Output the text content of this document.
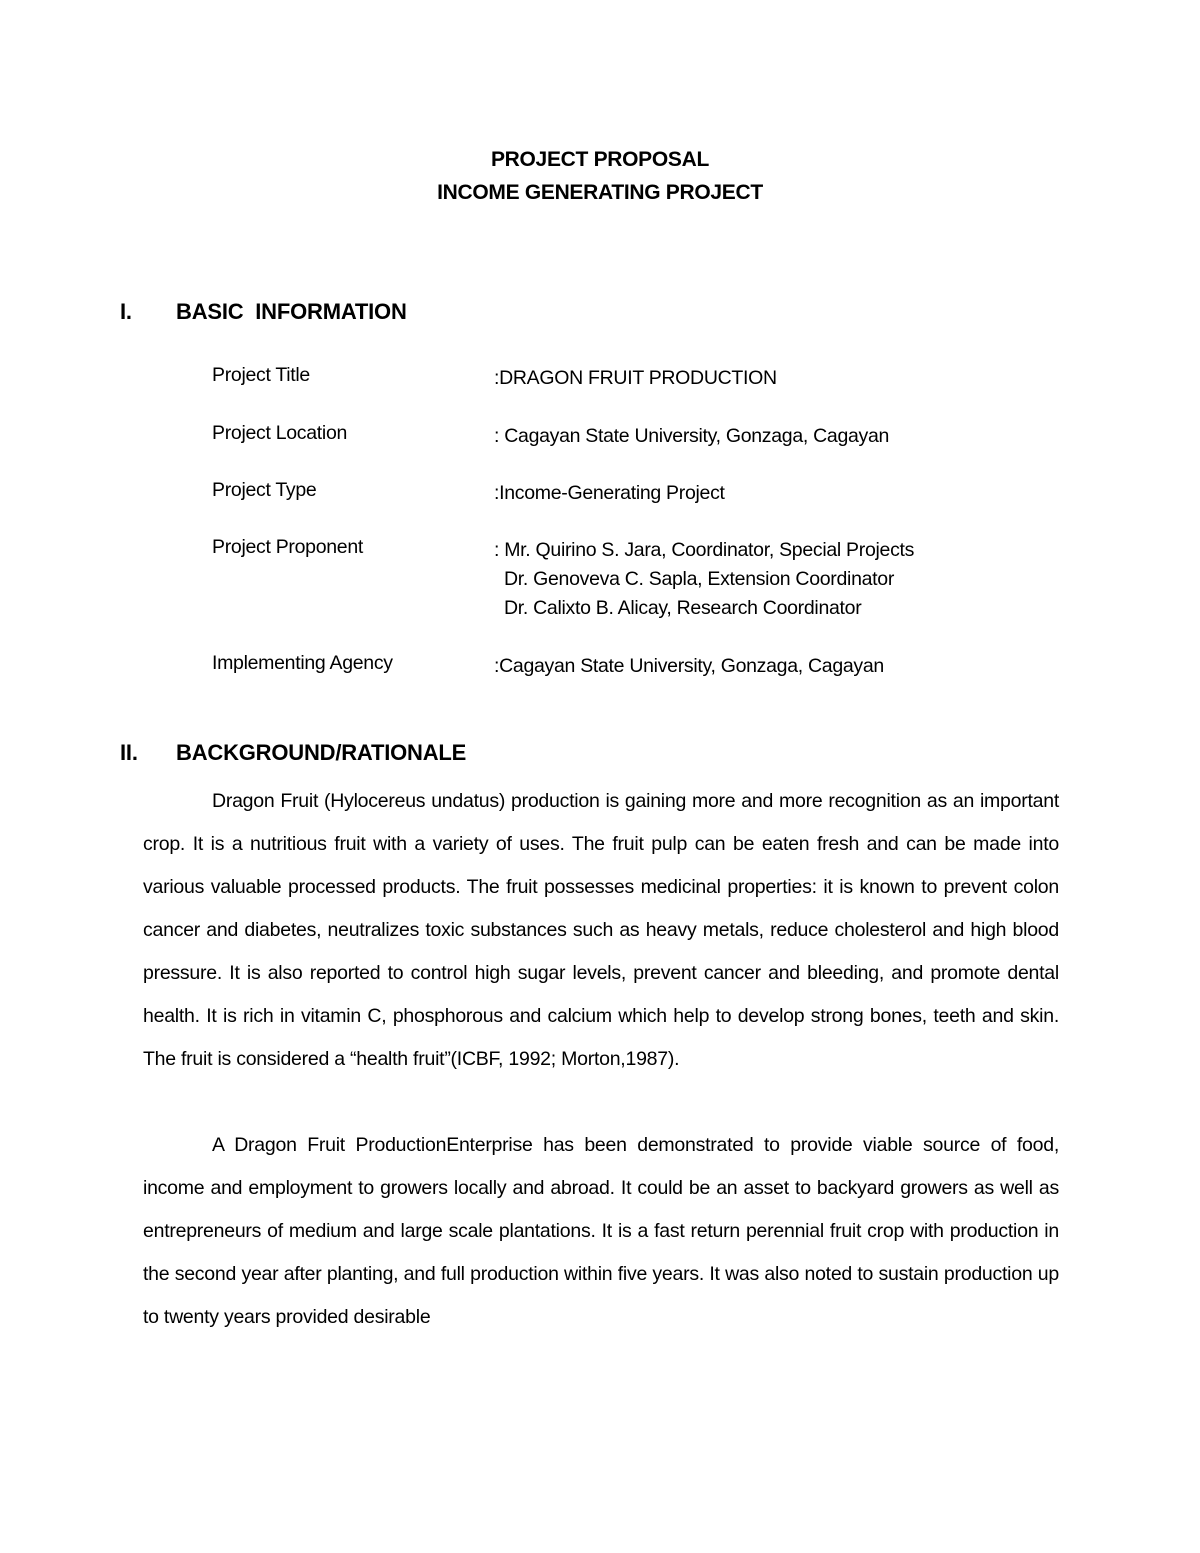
PROJECT PROPOSAL
INCOME GENERATING PROJECT
I. BASIC  INFORMATION
Project Title	:DRAGON FRUIT PRODUCTION
Project Location	: Cagayan State University, Gonzaga, Cagayan
Project Type	:Income-Generating Project
Project Proponent	: Mr. Quirino S. Jara, Coordinator, Special Projects
Dr. Genoveva C. Sapla, Extension Coordinator
Dr. Calixto B. Alicay, Research Coordinator
Implementing Agency	:Cagayan State University, Gonzaga, Cagayan
II. BACKGROUND/RATIONALE

Dragon Fruit (Hylocereus undatus) production is gaining more and more recognition as an important crop. It is a nutritious fruit with a variety of uses. The fruit pulp can be eaten fresh and can be made into various valuable processed products. The fruit possesses medicinal properties: it is known to prevent colon cancer and diabetes, neutralizes toxic substances such as heavy metals, reduce cholesterol and high blood pressure. It is also reported to control high sugar levels, prevent cancer and bleeding, and promote dental health. It is rich in vitamin C, phosphorous and calcium which help to develop strong bones, teeth and skin. The fruit is considered a “health fruit”(ICBF, 1992; Morton,1987).

A Dragon Fruit ProductionEnterprise has been demonstrated to provide viable source of food, income and employment to growers locally and abroad. It could be an asset to backyard growers as well as entrepreneurs of medium and large scale plantations. It is a fast return perennial fruit crop with production in the second year after planting, and full production within five years. It was also noted to sustain production up to twenty years provided desirable
